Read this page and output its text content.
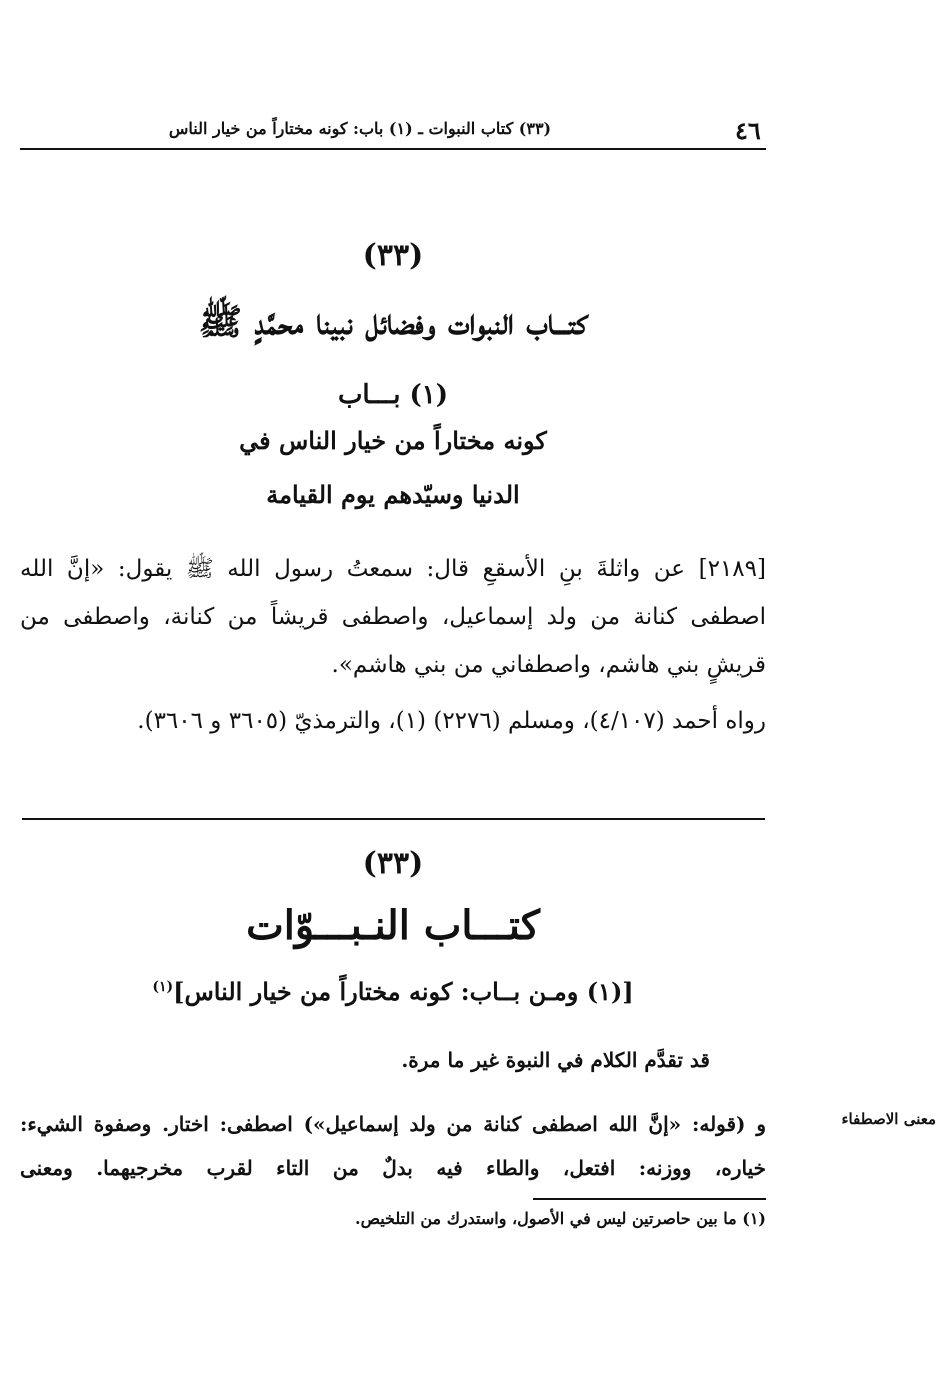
٤٦
(٣٣) كتاب النبوات ـ (١) باب: كونه مختاراً من خيار الناس
(٣٣)
كتـــاب النبوات وفضائل نبينا محمَّدٍ ﷺ
(١) بـــاب
كونه مختاراً من خيار الناس في
الدنيا وسيّدهم يوم القيامة
[٢١٨٩] عن واثلةَ بنِ الأسقعِ قال: سمعتُ رسول الله ﷺ يقول: «إنَّ الله اصطفى كنانة من ولد إسماعيل، واصطفى قريشاً من كنانة، واصطفى من قريشٍ بني هاشم، واصطفاني من بني هاشم».
رواه أحمد (٤/١٠٧)، ومسلم (٢٢٧٦) (١)، والترمذيّ (٣٦٠٥ و ٣٦٠٦).
(٣٣)
كتـــاب النـبـــوّات
[(١) ومـن بــاب: كونه مختاراً من خيار الناس]$^{(١)}$
قد تقدَّم الكلام في النبوة غير ما مرة.
و (قوله: «إنَّ الله اصطفى كنانة من ولد إسماعيل») اصطفى: اختار. وصفوة الشيء: خياره، ووزنه: افتعل، والطاء فيه بدلٌ من التاء لقرب مخرجيهما. ومعنى
معنى الاصطفاء
(١) ما بين حاصرتين ليس في الأصول، واستدرك من التلخيص.
